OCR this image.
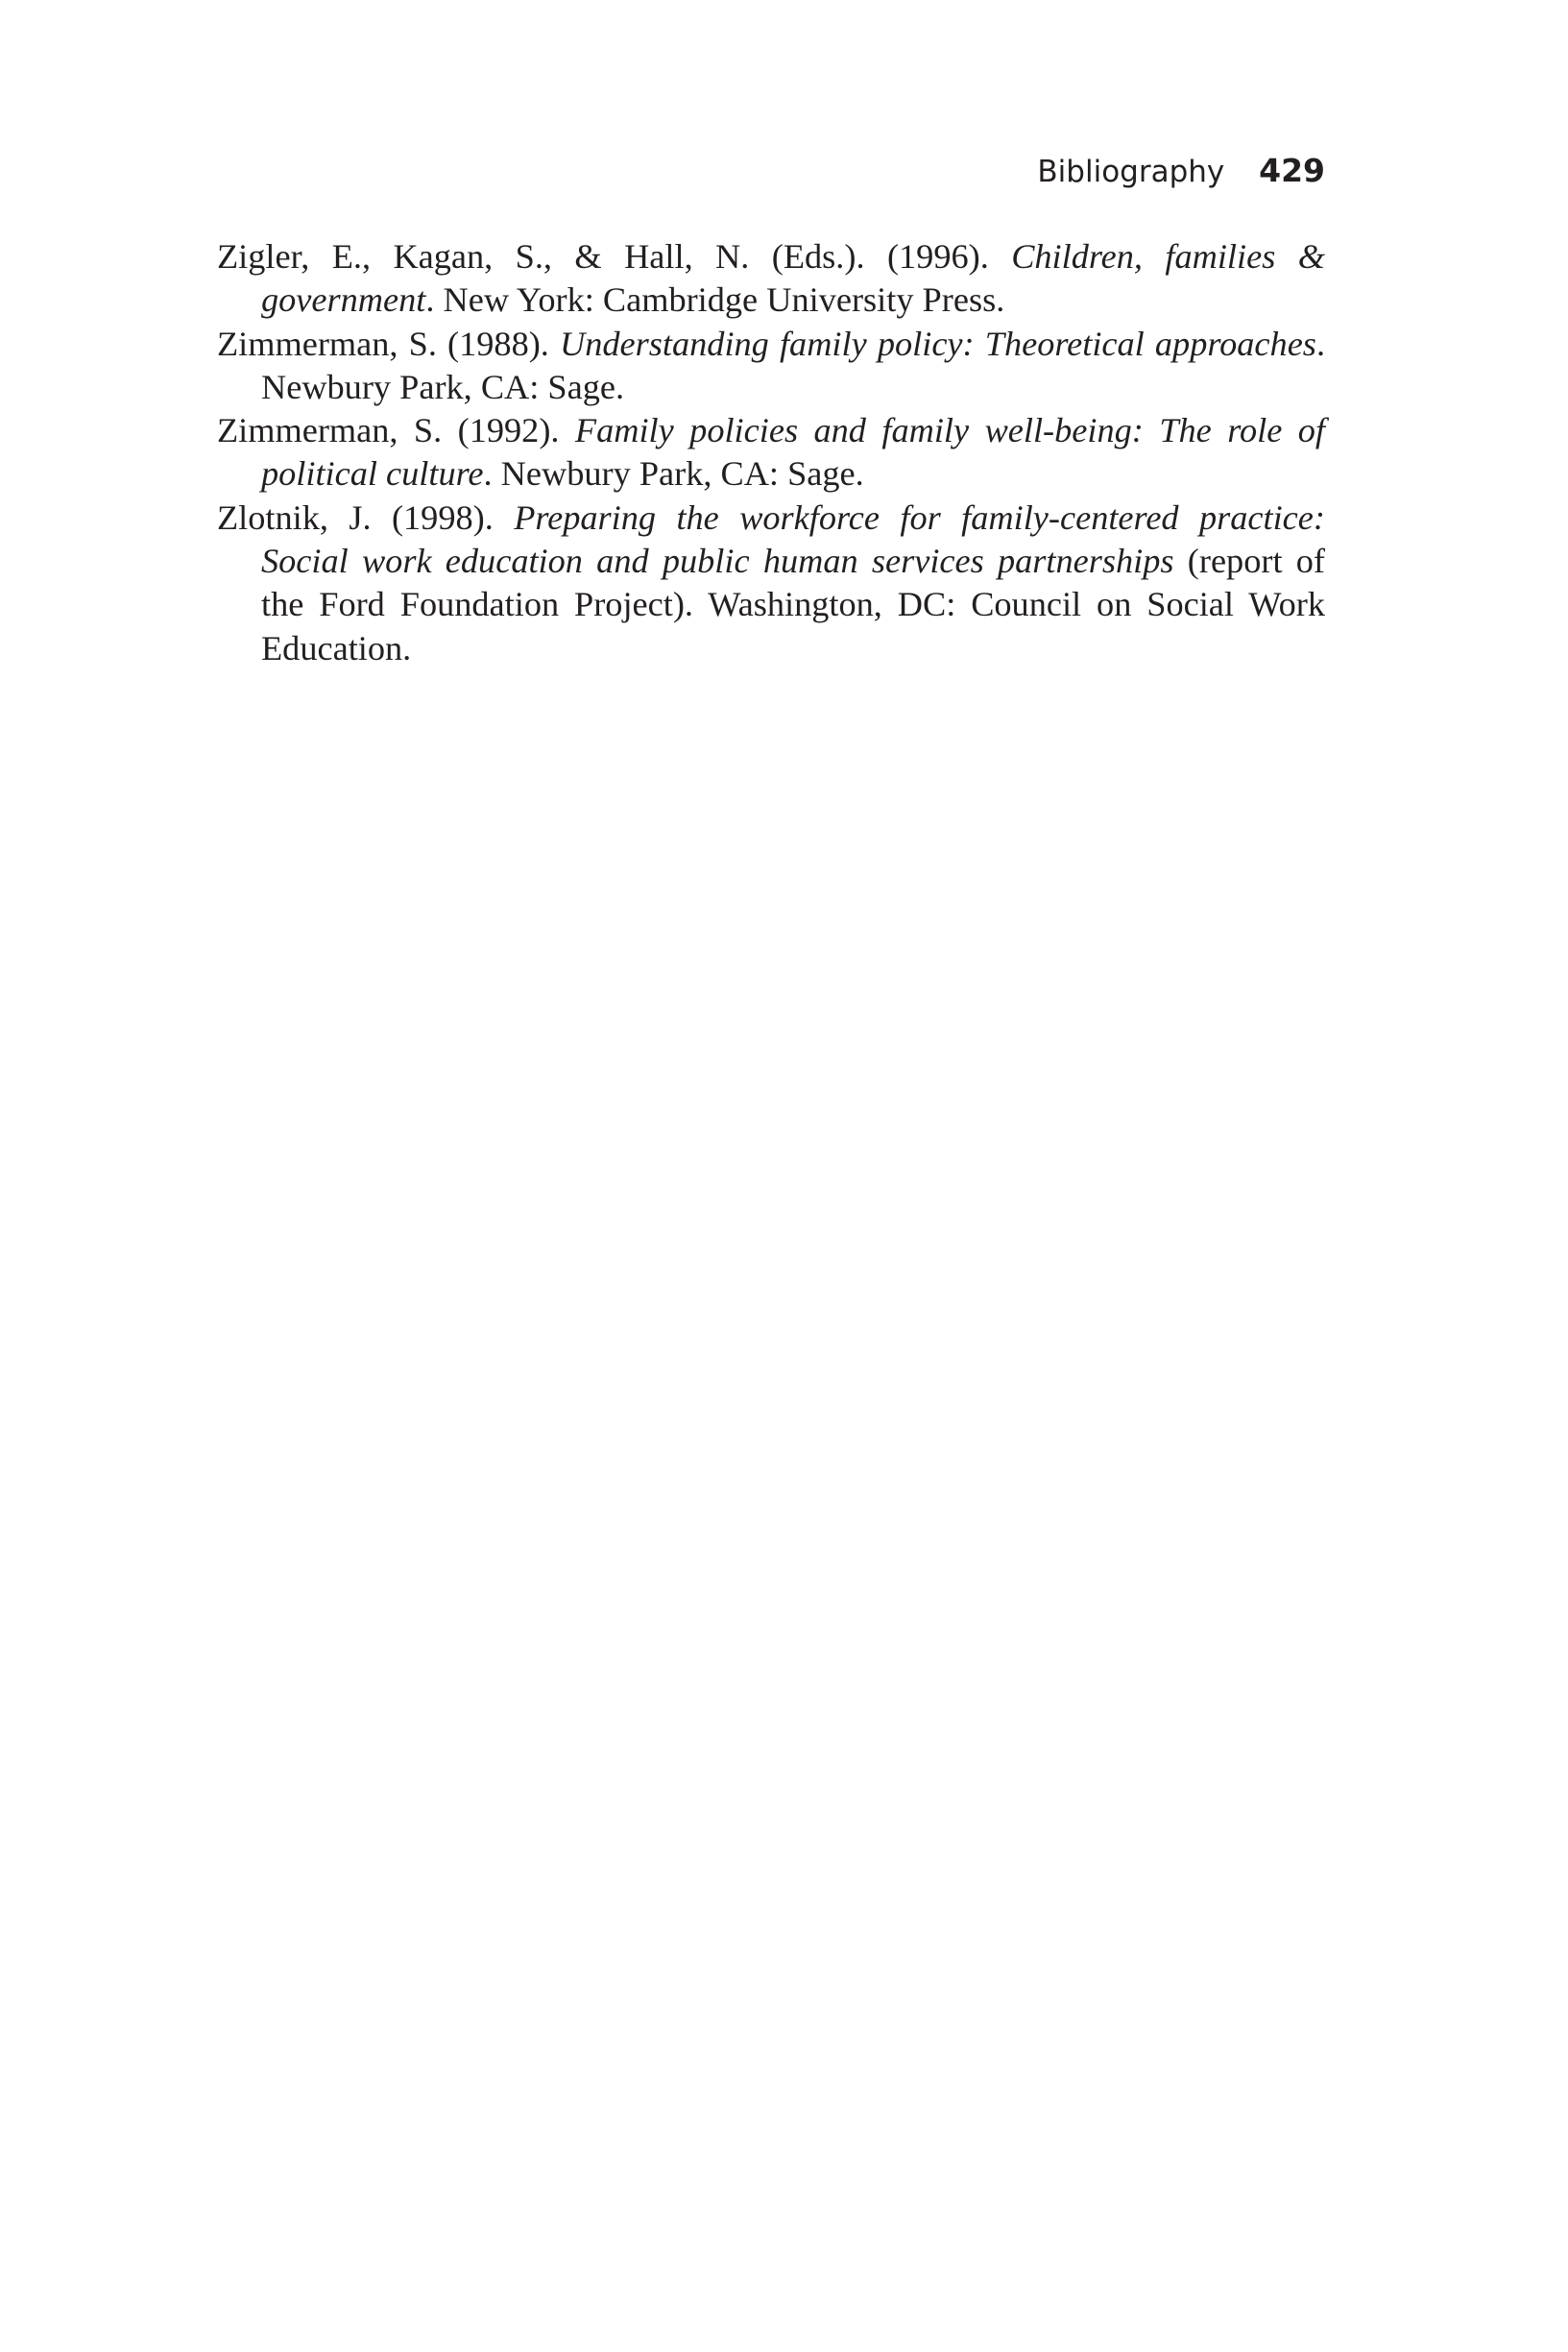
Bibliography 429

Zigler, E., Kagan, S., & Hall, N. (Eds.). (1996). Children, families & government. New York: Cambridge University Press.

Zimmerman, S. (1988). Understanding family policy: Theoretical approaches. Newbury Park, CA: Sage.

Zimmerman, S. (1992). Family policies and family well-being: The role of political culture. Newbury Park, CA: Sage.

Zlotnik, J. (1998). Preparing the workforce for family-centered practice: Social work education and public human services partnerships (report of the Ford Foundation Project). Washington, DC: Council on Social Work Education.
